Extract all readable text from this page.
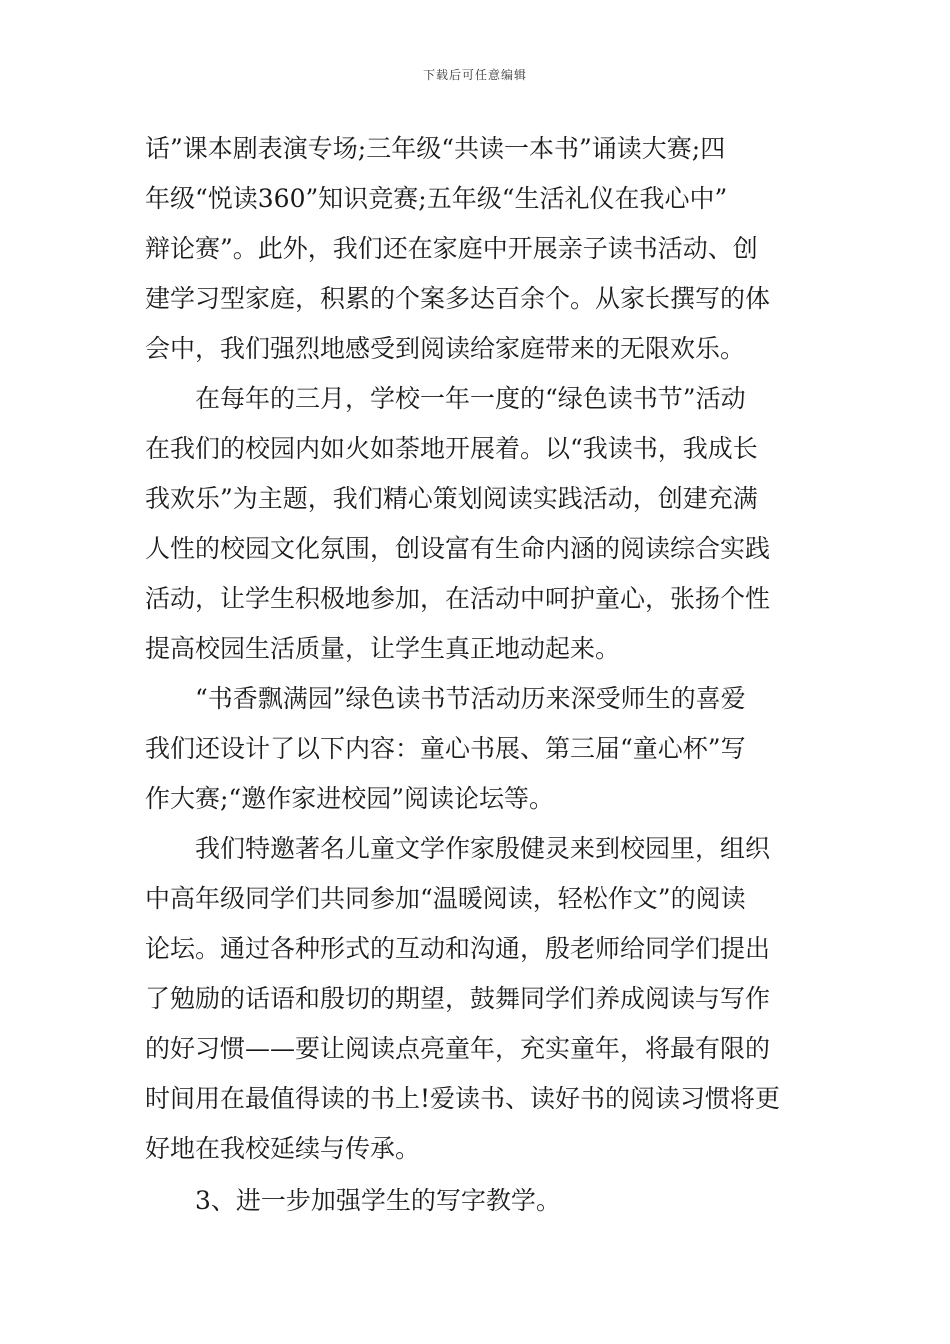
下载后可任意编辑
话”课本剧表演专场;三年级“共读一本书”诵读大赛;四
年级“悦读360”知识竞赛;五年级“生活礼仪在我心中”
辩论赛”。此外，我们还在家庭中开展亲子读书活动、创
建学习型家庭，积累的个案多达百余个。从家长撰写的体
会中，我们强烈地感受到阅读给家庭带来的无限欢乐。
　　在每年的三月，学校一年一度的“绿色读书节”活动
在我们的校园内如火如荼地开展着。以“我读书，我成长
我欢乐”为主题，我们精心策划阅读实践活动，创建充满
人性的校园文化氛围，创设富有生命内涵的阅读综合实践
活动，让学生积极地参加，在活动中呵护童心，张扬个性
提高校园生活质量，让学生真正地动起来。
　　“书香飘满园”绿色读书节活动历来深受师生的喜爱
我们还设计了以下内容：童心书展、第三届“童心杯”写
作大赛;“邀作家进校园”阅读论坛等。
　　我们特邀著名儿童文学作家殷健灵来到校园里，组织
中高年级同学们共同参加“温暖阅读，轻松作文”的阅读
论坛。通过各种形式的互动和沟通，殷老师给同学们提出
了勉励的话语和殷切的期望，鼓舞同学们养成阅读与写作
的好习惯——要让阅读点亮童年，充实童年，将最有限的
时间用在最值得读的书上!爱读书、读好书的阅读习惯将更
好地在我校延续与传承。
　　3、进一步加强学生的写字教学。
